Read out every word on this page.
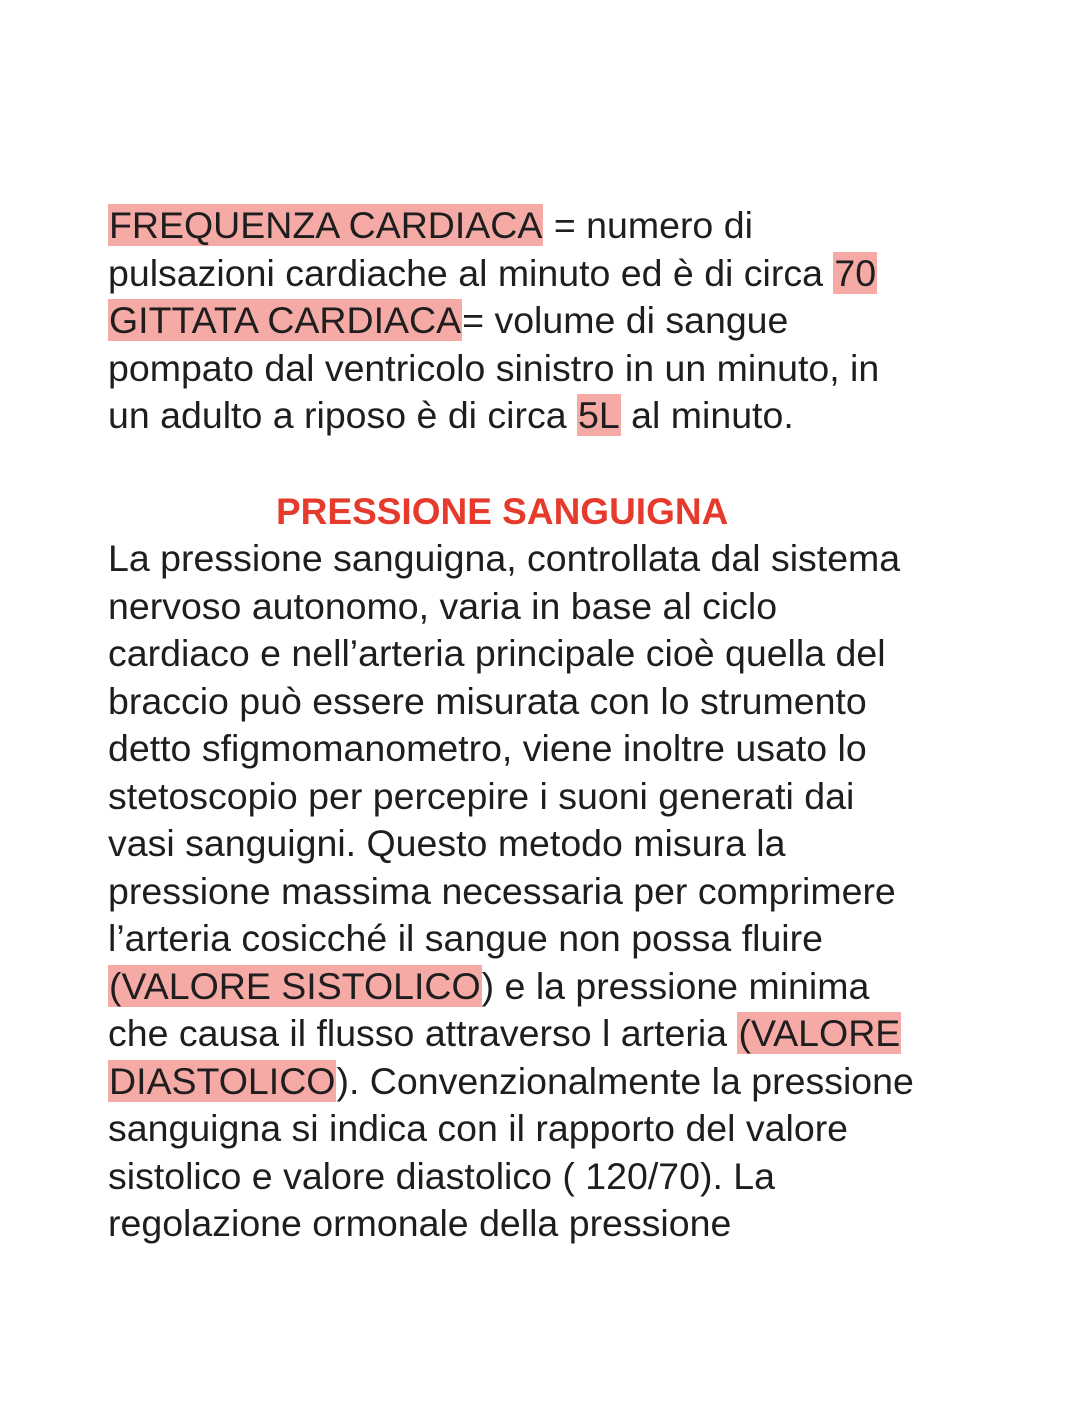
FREQUENZA CARDIACA = numero di
pulsazioni cardiache al minuto ed è di circa 70
GITTATA CARDIACA= volume di sangue
pompato dal ventricolo sinistro in un minuto, in
un adulto a riposo è di circa 5L al minuto.
PRESSIONE SANGUIGNA
La pressione sanguigna, controllata dal sistema
nervoso autonomo, varia in base al ciclo
cardiaco e nell’arteria principale cioè quella del
braccio può essere misurata con lo strumento
detto sfigmomanometro, viene inoltre usato lo
stetoscopio per percepire i suoni generati dai
vasi sanguigni. Questo metodo misura la
pressione massima necessaria per comprimere
l’arteria cosicché il sangue non possa fluire
(VALORE SISTOLICO) e la pressione minima
che causa il flusso attraverso l arteria (VALORE
DIASTOLICO). Convenzionalmente la pressione
sanguigna si indica con il rapporto del valore
sistolico e valore diastolico ( 120/70). La
regolazione ormonale della pressione
